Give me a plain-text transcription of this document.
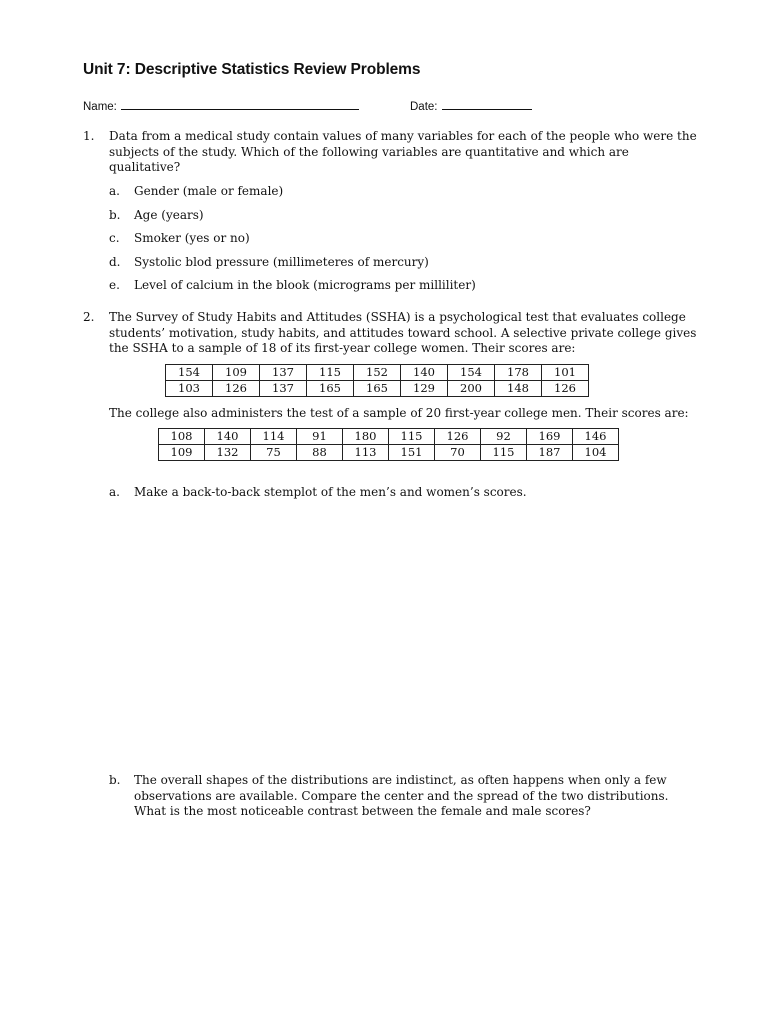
Unit 7: Descriptive Statistics Review Problems
Name:	Date:
1. Data from a medical study contain values of many variables for each of the people who were the subjects of the study. Which of the following variables are quantitative and which are qualitative?
a. Gender (male or female)
b. Age (years)
c. Smoker (yes or no)
d. Systolic blod pressure (millimeteres of mercury)
e. Level of calcium in the blook (micrograms per milliliter)
2. The Survey of Study Habits and Attitudes (SSHA) is a psychological test that evaluates college students’ motivation, study habits, and attitudes toward school. A selective private college gives the SSHA to a sample of 18 of its first-year college women. Their scores are:
154	109	137	115	152	140	154	178	101
103	126	137	165	165	129	200	148	126
The college also administers the test of a sample of 20 first-year college men. Their scores are:
108	140	114	91	180	115	126	92	169	146
109	132	75	88	113	151	70	115	187	104
a. Make a back-to-back stemplot of the men’s and women’s scores.
b. The overall shapes of the distributions are indistinct, as often happens when only a few observations are available. Compare the center and the spread of the two distributions. What is the most noticeable contrast between the female and male scores?
